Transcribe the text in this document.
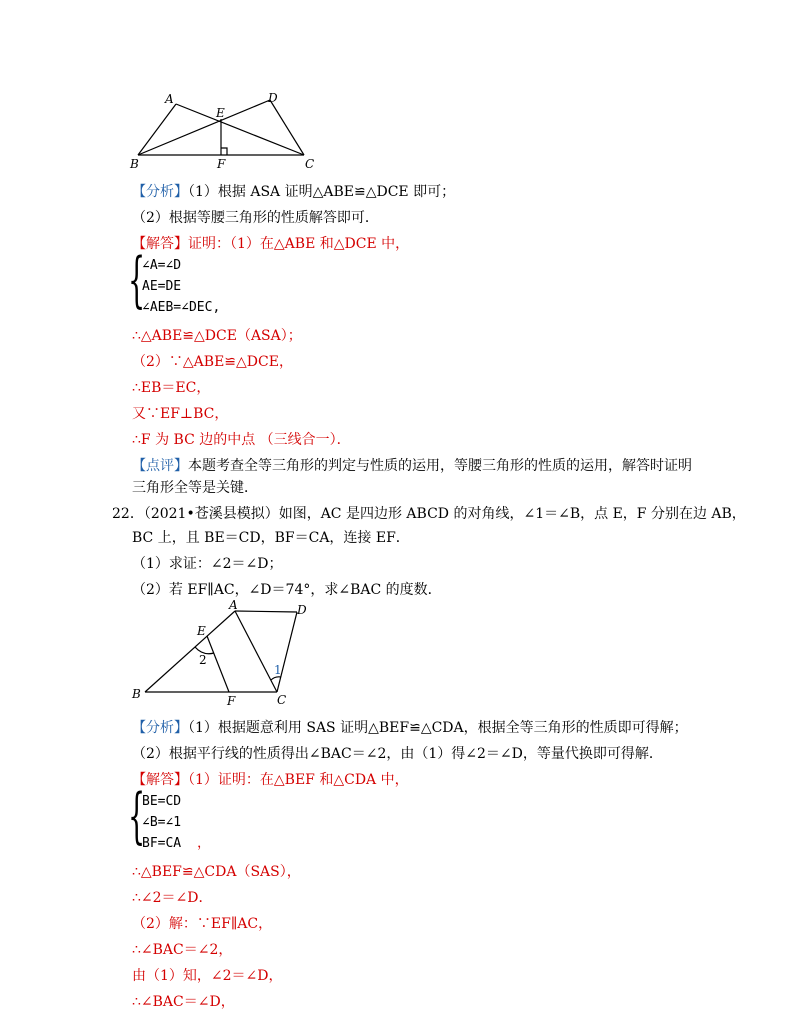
A	D
E
B	F	C
【分析】（1）根据 ASA 证明△ABE≌△DCE 即可；
（2）根据等腰三角形的性质解答即可．
【解答】证明：（1）在△ABE 和△DCE 中，
{
∠A=∠D
AE=DE
∠AEB=∠DEC,
∴△ABE≌△DCE（ASA）；
（2）∵△ABE≌△DCE，
∴EB＝EC，
又∵EF⊥BC，
∴F 为 BC 边的中点 （三线合一）．
【点评】本题考查全等三角形的判定与性质的运用，等腰三角形的性质的运用，解答时证明
三角形全等是关键．
22．（2021•苍溪县模拟）如图，AC 是四边形 ABCD 的对角线，∠1＝∠B，点 E，F 分别在边 AB，
BC 上，且 BE＝CD，BF＝CA，连接 EF．
（1）求证：∠2＝∠D；
（2）若 EF∥AC，∠D＝74°，求∠BAC 的度数．
A	D
E
B	F	C
1
2
【分析】（1）根据题意利用 SAS 证明△BEF≌△CDA，根据全等三角形的性质即可得解；
（2）根据平行线的性质得出∠BAC＝∠2，由（1）得∠2＝∠D，等量代换即可得解．
【解答】（1）证明：在△BEF 和△CDA 中，
{
BE=CD
∠B=∠1
BF=CA ，
∴△BEF≌△CDA（SAS），
∴∠2＝∠D．
（2）解：∵EF∥AC，
∴∠BAC＝∠2，
由（1）知，∠2＝∠D，
∴∠BAC＝∠D，
